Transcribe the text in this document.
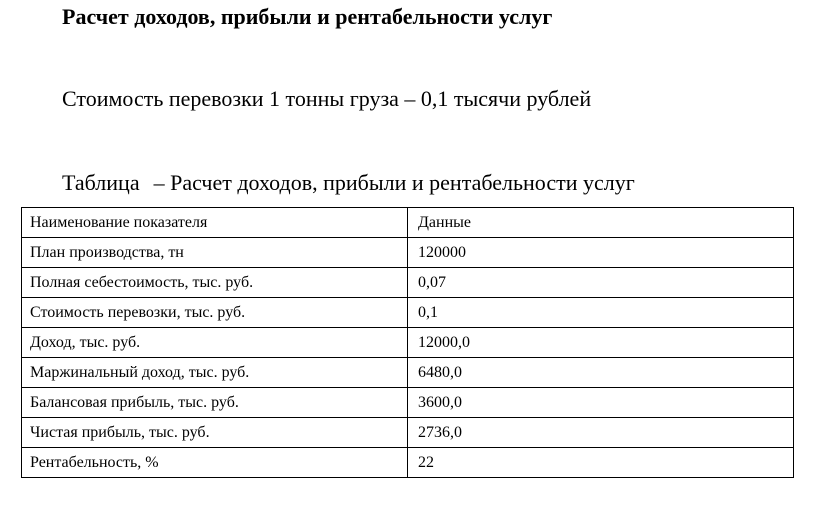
Расчет доходов, прибыли и рентабельности услуг
Стоимость перевозки 1 тонны груза – 0,1 тысячи рублей
Таблица – Расчет доходов, прибыли и рентабельности услуг
Наименование показателя	Данные
План производства, тн	120000
Полная себестоимость, тыс. руб.	0,07
Стоимость перевозки, тыс. руб.	0,1
Доход, тыс. руб.	12000,0
Маржинальный доход, тыс. руб.	6480,0
Балансовая прибыль, тыс. руб.	3600,0
Чистая прибыль, тыс. руб.	2736,0
Рентабельность, %	22
